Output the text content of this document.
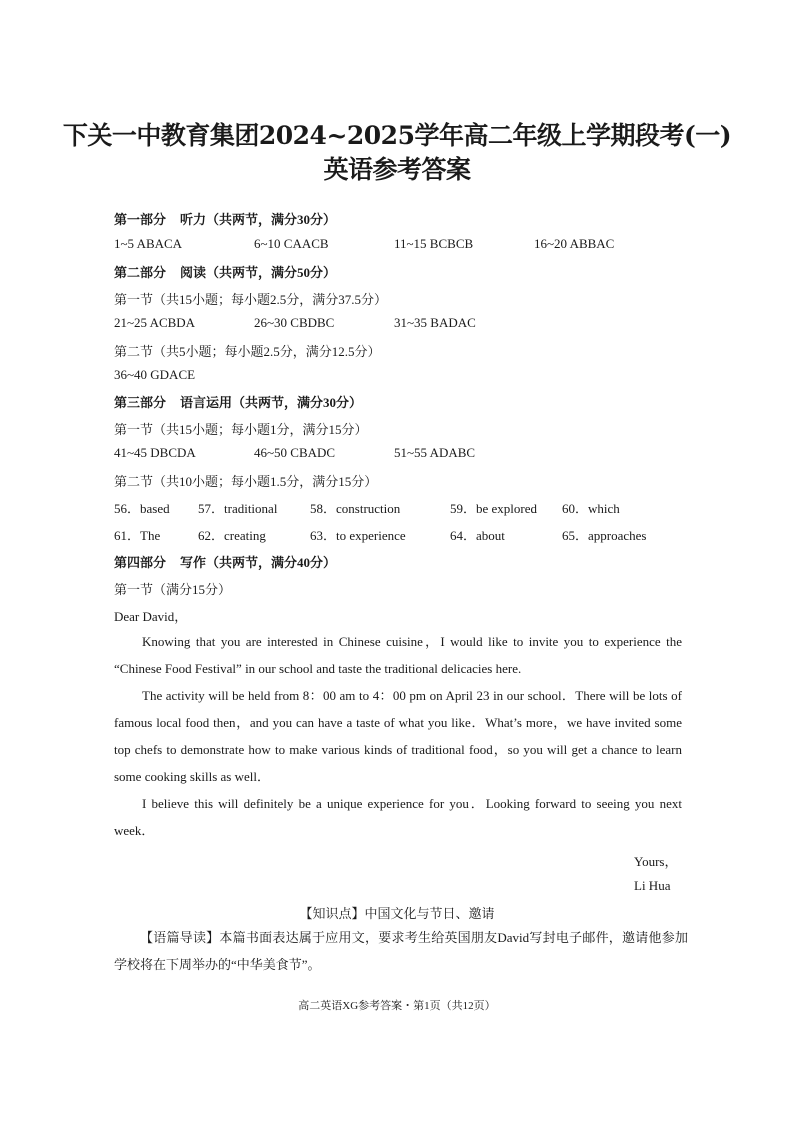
下关一中教育集团2024~2025学年高二年级上学期段考(一)
英语参考答案
第一部分 听力（共两节，满分30分）
1~5 ABACA	6~10 CAACB	11~15 BCBCB	16~20 ABBAC
第二部分 阅读（共两节，满分50分）
第一节（共15小题；每小题2.5分，满分37.5分）
21~25 ACBDA	26~30 CBDBC	31~35 BADAC
第二节（共5小题；每小题2.5分，满分12.5分）
36~40 GDACE
第三部分 语言运用（共两节，满分30分）
第一节（共15小题；每小题1分，满分15分）
41~45 DBCDA	46~50 CBADC	51~55 ADABC
第二节（共10小题；每小题1.5分，满分15分）
56．based 57．traditional	58．construction	59．be explored 60．which
61．The	62．creating	63．to experience	64．about	65．approaches
第四部分 写作（共两节，满分40分）
第一节（满分15分）
Dear David，
Knowing that you are interested in Chinese cuisine，I would like to invite you to experience the “Chinese Food Festival” in our school and taste the traditional delicacies here.
The activity will be held from 8：00 am to 4：00 pm on April 23 in our school．There will be lots of famous local food then，and you can have a taste of what you like．What’s more，we have invited some top chefs to demonstrate how to make various kinds of traditional food，so you will get a chance to learn some cooking skills as well．
I believe this will definitely be a unique experience for you．Looking forward to seeing you next week．
Yours，
Li Hua
【知识点】中国文化与节日、邀请
【语篇导读】本篇书面表达属于应用文，要求考生给英国朋友David写封电子邮件，邀请他参加学校将在下周举办的“中华美食节”。
高二英语XG参考答案・第1页（共12页）
